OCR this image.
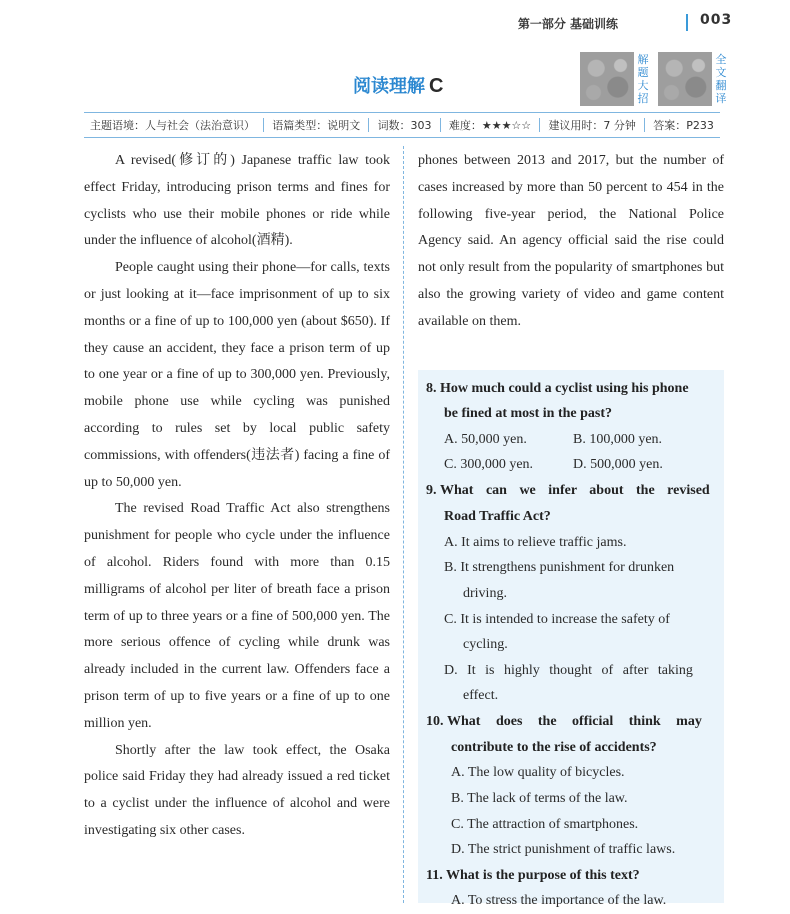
第一部分 基础训练	003
阅读理解 C
解
题
大
招
全
文
翻
译
主题语境：人与社会（法治意识）	语篇类型：说明文	词数：303	难度：★★★☆☆	建议用时：7 分钟	答案：P233

A revised(修订的) Japanese traffic law took effect Friday, introducing prison terms and fines for cyclists who use their mobile phones or ride while under the influence of alcohol(酒精).

People caught using their phone—for calls, texts or just looking at it—face imprisonment of up to six months or a fine of up to 100,000 yen (about $650). If they cause an accident, they face a prison term of up to one year or a fine of up to 300,000 yen. Previously, mobile phone use while cycling was punished according to rules set by local public safety commissions, with offenders(违法者) facing a fine of up to 50,000 yen.

The revised Road Traffic Act also strengthens punishment for people who cycle under the influence of alcohol. Riders found with more than 0.15 milligrams of alcohol per liter of breath face a prison term of up to three years or a fine of 500,000 yen. The more serious offence of cycling while drunk was already included in the current law. Offenders face a prison term of up to five years or a fine of up to one million yen.

Shortly after the law took effect, the Osaka police said Friday they had already issued a red ticket to a cyclist under the influence of alcohol and were investigating six other cases.

phones between 2013 and 2017, but the number of cases increased by more than 50 percent to 454 in the following five-year period, the National Police Agency said. An agency official said the rise could not only result from the popularity of smartphones but also the growing variety of video and game content available on them.

8. How much could a cyclist using his phone
be fined at most in the past?
A. 50,000 yen.	B. 100,000 yen.
C. 300,000 yen.	D. 500,000 yen.
9. What can we infer about the revised
Road Traffic Act?
A. It aims to relieve traffic jams.
B. It strengthens punishment for drunken
driving.
C. It is intended to increase the safety of
cycling.
D. It is highly thought of after taking
effect.
10. What does the official think may
contribute to the rise of accidents?
A. The low quality of bicycles.
B. The lack of terms of the law.
C. The attraction of smartphones.
D. The strict punishment of traffic laws.
11. What is the purpose of this text?
A. To stress the importance of the law.
